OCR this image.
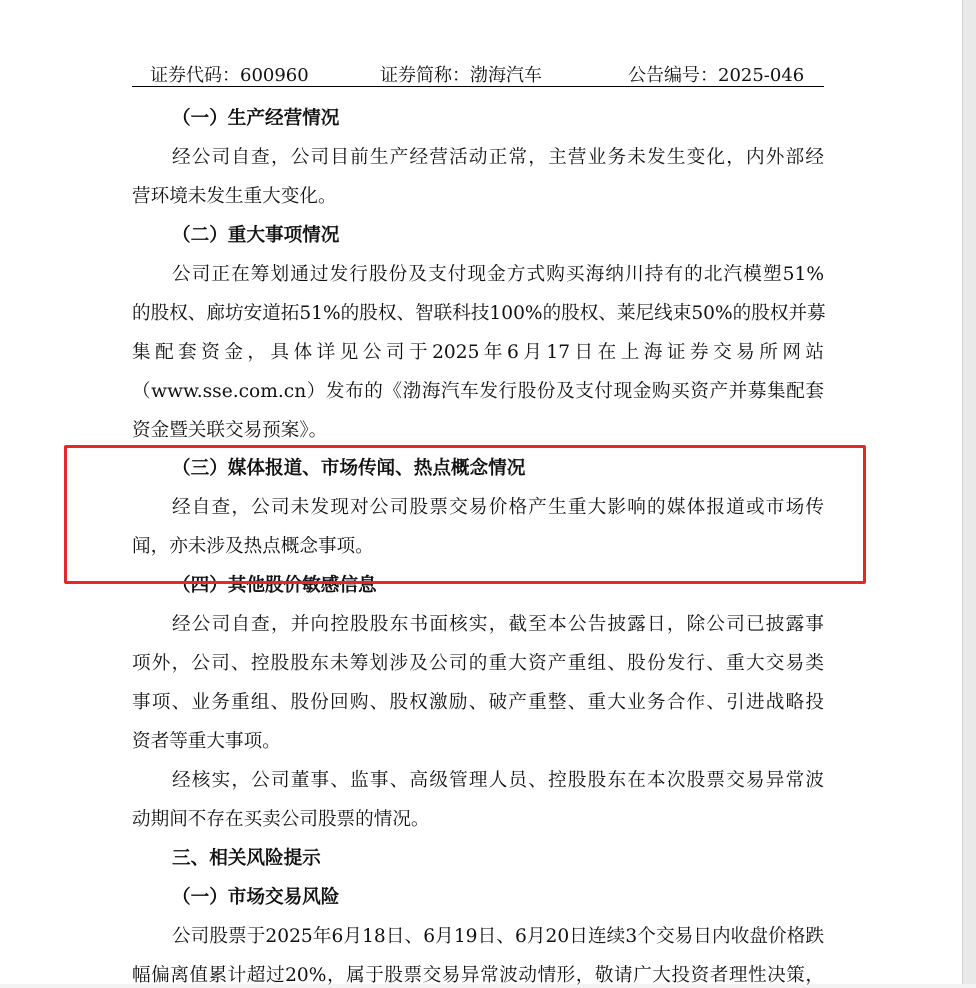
证券代码：600960	证券简称：渤海汽车	公告编号：2025-046
（一）生产经营情况
经公司自查，公司目前生产经营活动正常，主营业务未发生变化，内外部经
营环境未发生重大变化。
（二）重大事项情况
公司正在筹划通过发行股份及支付现金方式购买海纳川持有的北汽模塑51%
的股权、廊坊安道拓51%的股权、智联科技100%的股权、莱尼线束50%的股权并募
集配套资金，具体详见公司于2025年6月17日在上海证券交易所网站
（www.sse.com.cn）发布的《渤海汽车发行股份及支付现金购买资产并募集配套
资金暨关联交易预案》。
（三）媒体报道、市场传闻、热点概念情况
经自查，公司未发现对公司股票交易价格产生重大影响的媒体报道或市场传
闻，亦未涉及热点概念事项。
（四）其他股价敏感信息
经公司自查，并向控股股东书面核实，截至本公告披露日，除公司已披露事
项外，公司、控股股东未筹划涉及公司的重大资产重组、股份发行、重大交易类
事项、业务重组、股份回购、股权激励、破产重整、重大业务合作、引进战略投
资者等重大事项。
经核实，公司董事、监事、高级管理人员、控股股东在本次股票交易异常波
动期间不存在买卖公司股票的情况。
三、相关风险提示
（一）市场交易风险
公司股票于2025年6月18日、6月19日、6月20日连续3个交易日内收盘价格跌
幅偏离值累计超过20%，属于股票交易异常波动情形，敬请广大投资者理性决策，
